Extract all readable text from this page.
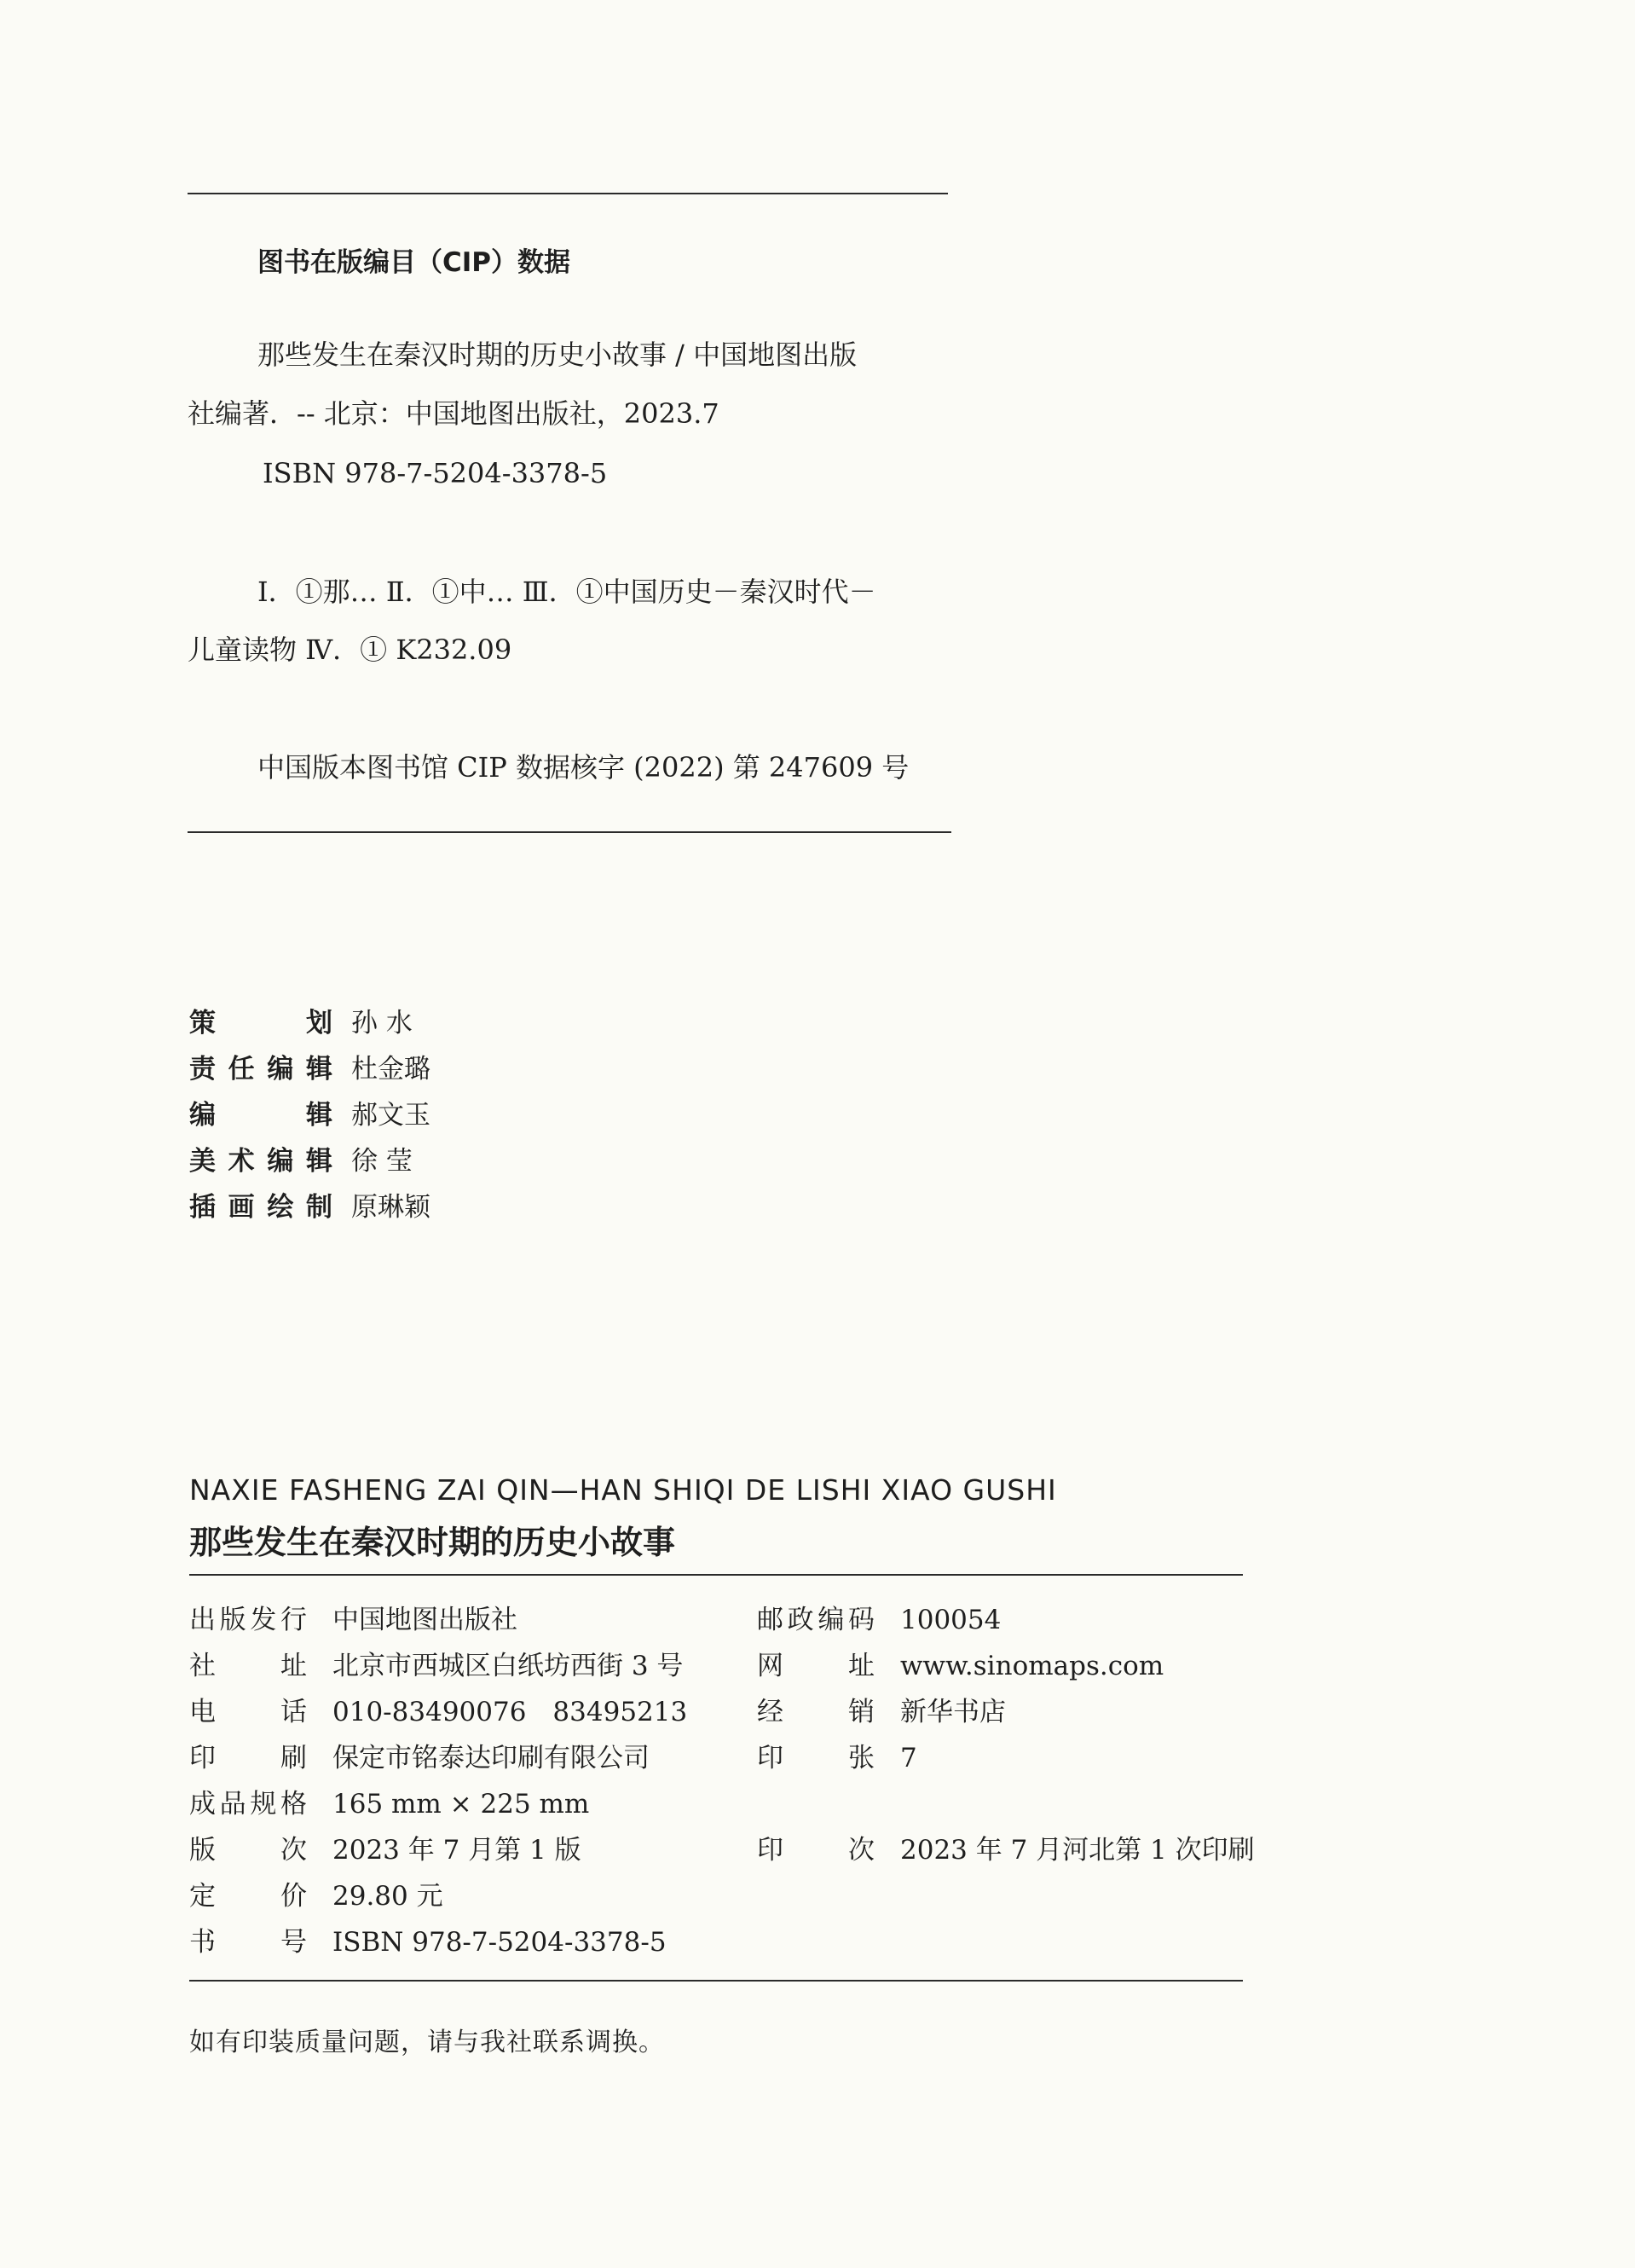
图书在版编目（CIP）数据
那些发生在秦汉时期的历史小故事 / 中国地图出版
社编著．-- 北京：中国地图出版社，2023.7
ISBN 978-7-5204-3378-5
Ⅰ．①那… Ⅱ．①中… Ⅲ．①中国历史－秦汉时代－
儿童读物 Ⅳ．① K232.09
中国版本图书馆 CIP 数据核字 (2022) 第 247609 号
策划 孙 水
责任编辑 杜金璐
编辑 郝文玉
美术编辑 徐 莹
插画绘制 原琳颖
NAXIE FASHENG ZAI QIN—HAN SHIQI DE LISHI XIAO GUSHI
那些发生在秦汉时期的历史小故事
出版发行 中国地图出版社
社址 北京市西城区白纸坊西街 3 号
电话 010-83490076　83495213
印刷 保定市铭泰达印刷有限公司
成品规格 165 mm × 225 mm
版次 2023 年 7 月第 1 版
定价 29.80 元
书号 ISBN 978-7-5204-3378-5
邮政编码 100054
网址 www.sinomaps.com
经销 新华书店
印张 7
印次 2023 年 7 月河北第 1 次印刷
如有印装质量问题，请与我社联系调换。
